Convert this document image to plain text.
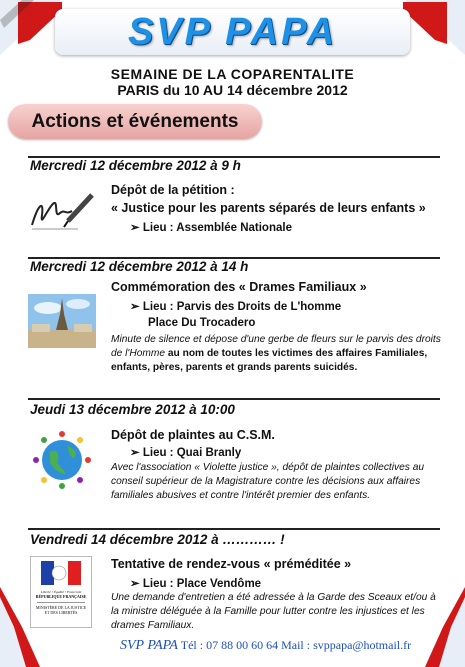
SVP PAPA
SEMAINE DE LA COPARENTALITE
PARIS du 10 AU 14 décembre 2012
Actions et événements
Mercredi 12 décembre 2012 à 9 h
Dépôt de la pétition :
« Justice pour les parents séparés de leurs enfants »
➢ Lieu : Assemblée Nationale
Mercredi 12 décembre 2012 à 14 h
Commémoration des « Drames Familiaux »
➢ Lieu : Parvis des Droits de L'homme
Place Du Trocadero
Minute de silence et dépose d'une gerbe de fleurs sur le parvis des droits de l'Homme au nom de toutes les victimes des affaires Familiales, enfants, pères, parents et grands parents suicidés.
Jeudi 13 décembre 2012 à 10:00
Dépôt de plaintes au C.S.M.
➢ Lieu : Quai Branly
Avec l'association « Violette justice », dépôt de plaintes collectives au conseil supérieur de la Magistrature contre les décisions aux affaires familiales abusives et contre l'intérêt premier des enfants.
Vendredi 14 décembre 2012 à ………… !
Liberté • Égalité • Fraternité
RÉPUBLIQUE FRANÇAISE
MINISTÈRE DE LA JUSTICE
ET DES LIBERTÉS
Tentative de rendez-vous « préméditée »
➢ Lieu : Place Vendôme
Une demande d'entretien a été adressée à la Garde des Sceaux et/ou à la ministre déléguée à la Famille pour lutter contre les injustices et les drames Familiaux.
SVP PAPA Tél : 07 88 00 60 64 Mail : svppapa@hotmail.fr
